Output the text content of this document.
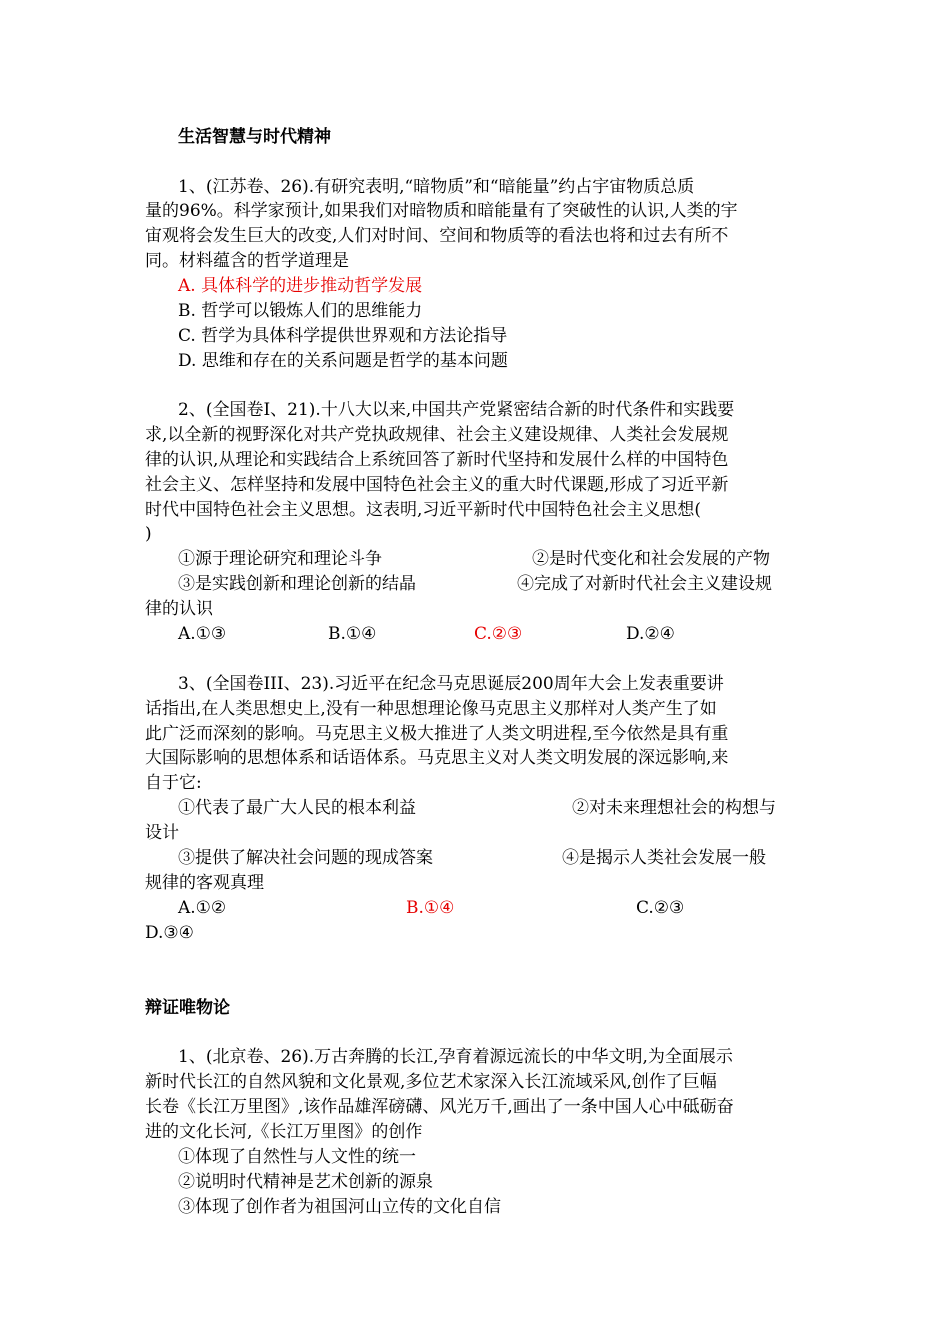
生活智慧与时代精神
1、(江苏卷、26).有研究表明,“暗物质”和“暗能量”约占宇宙物质总质
量的96%。科学家预计,如果我们对暗物质和暗能量有了突破性的认识,人类的宇
宙观将会发生巨大的改变,人们对时间、空间和物质等的看法也将和过去有所不
同。材料蕴含的哲学道理是
A. 具体科学的进步推动哲学发展
B. 哲学可以锻炼人们的思维能力
C. 哲学为具体科学提供世界观和方法论指导
D. 思维和存在的关系问题是哲学的基本问题
2、(全国卷I、21).十八大以来,中国共产党紧密结合新的时代条件和实践要
求,以全新的视野深化对共产党执政规律、社会主义建设规律、人类社会发展规
律的认识,从理论和实践结合上系统回答了新时代坚持和发展什么样的中国特色
社会主义、怎样坚持和发展中国特色社会主义的重大时代课题,形成了习近平新
时代中国特色社会主义思想。这表明,习近平新时代中国特色社会主义思想(
)
①源于理论研究和理论斗争	②是时代变化和社会发展的产物
③是实践创新和理论创新的结晶	④完成了对新时代社会主义建设规
律的认识
A.①③	B.①④	C.②③	D.②④
3、(全国卷III、23).习近平在纪念马克思诞辰200周年大会上发表重要讲
话指出,在人类思想史上,没有一种思想理论像马克思主义那样对人类产生了如
此广泛而深刻的影响。马克思主义极大推进了人类文明进程,至今依然是具有重
大国际影响的思想体系和话语体系。马克思主义对人类文明发展的深远影响,来
自于它:
①代表了最广大人民的根本利益	②对未来理想社会的构想与
设计
③提供了解决社会问题的现成答案	④是揭示人类社会发展一般
规律的客观真理
A.①②	B.①④	C.②③
D.③④
辩证唯物论
1、(北京卷、26).万古奔腾的长江,孕育着源远流长的中华文明,为全面展示
新时代长江的自然风貌和文化景观,多位艺术家深入长江流域采风,创作了巨幅
长卷《长江万里图》,该作品雄浑磅礴、风光万千,画出了一条中国人心中砥砺奋
进的文化长河,《长江万里图》的创作
①体现了自然性与人文性的统一
②说明时代精神是艺术创新的源泉
③体现了创作者为祖国河山立传的文化自信
